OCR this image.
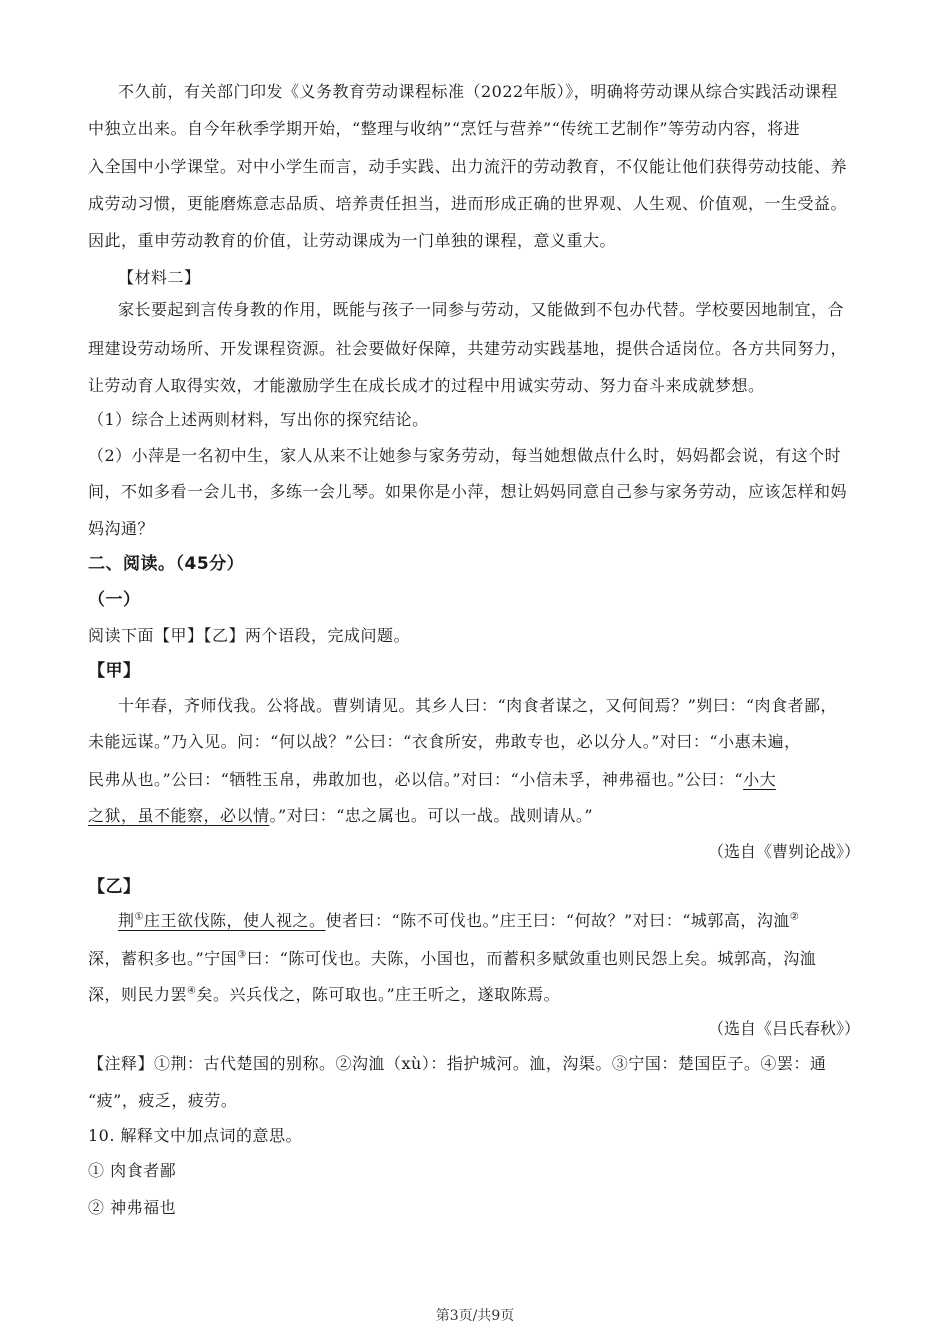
不久前，有关部门印发《义务教育劳动课程标准（2022年版）》，明确将劳动课从综合实践活动课程
中独立出来。自今年秋季学期开始，“整理与收纳”“烹饪与营养”“传统工艺制作”等劳动内容，将进
入全国中小学课堂。对中小学生而言，动手实践、出力流汗的劳动教育，不仅能让他们获得劳动技能、养
成劳动习惯，更能磨炼意志品质、培养责任担当，进而形成正确的世界观、人生观、价值观，一生受益。
因此，重申劳动教育的价值，让劳动课成为一门单独的课程，意义重大。
【材料二】
家长要起到言传身教的作用，既能与孩子一同参与劳动，又能做到不包办代替。学校要因地制宜，合
理建设劳动场所、开发课程资源。社会要做好保障，共建劳动实践基地，提供合适岗位。各方共同努力，
让劳动育人取得实效，才能激励学生在成长成才的过程中用诚实劳动、努力奋斗来成就梦想。
（1）综合上述两则材料，写出你的探究结论。
（2）小萍是一名初中生，家人从来不让她参与家务劳动，每当她想做点什么时，妈妈都会说，有这个时
间，不如多看一会儿书，多练一会儿琴。如果你是小萍，想让妈妈同意自己参与家务劳动，应该怎样和妈
妈沟通？
二、阅读。（45分）
（一）
阅读下面【甲】【乙】两个语段，完成问题。
【甲】
十年春，齐师伐我。公将战。曹刿请见。其乡人曰：“肉食者谋之，又何间焉？”刿曰：“肉食者鄙，
未能远谋。”乃入见。问：“何以战？”公曰：“衣食所安，弗敢专也，必以分人。”对曰：“小惠未遍，
民弗从也。”公曰：“牺牲玉帛，弗敢加也，必以信。”对曰：“小信未孚，神弗福也。”公曰：“小大
之狱，虽不能察，必以情。”对曰：“忠之属也。可以一战。战则请从。”
（选自《曹刿论战》）
【乙】
荆①庄王欲伐陈，使人视之。使者曰：“陈不可伐也。”庄王曰：“何故？”对曰：“城郭高，沟洫②
深，蓄积多也。”宁国③曰：“陈可伐也。夫陈，小国也，而蓄积多赋敛重也则民怨上矣。城郭高，沟洫
深，则民力罢④矣。兴兵伐之，陈可取也。”庄王听之，遂取陈焉。
（选自《吕氏春秋》）
【注释】①荆：古代楚国的别称。②沟洫（xù）：指护城河。洫，沟渠。③宁国：楚国臣子。④罢：通
“疲”，疲乏，疲劳。
10. 解释文中加点词的意思。
① 肉食者鄙
② 神弗福也
第3页/共9页
